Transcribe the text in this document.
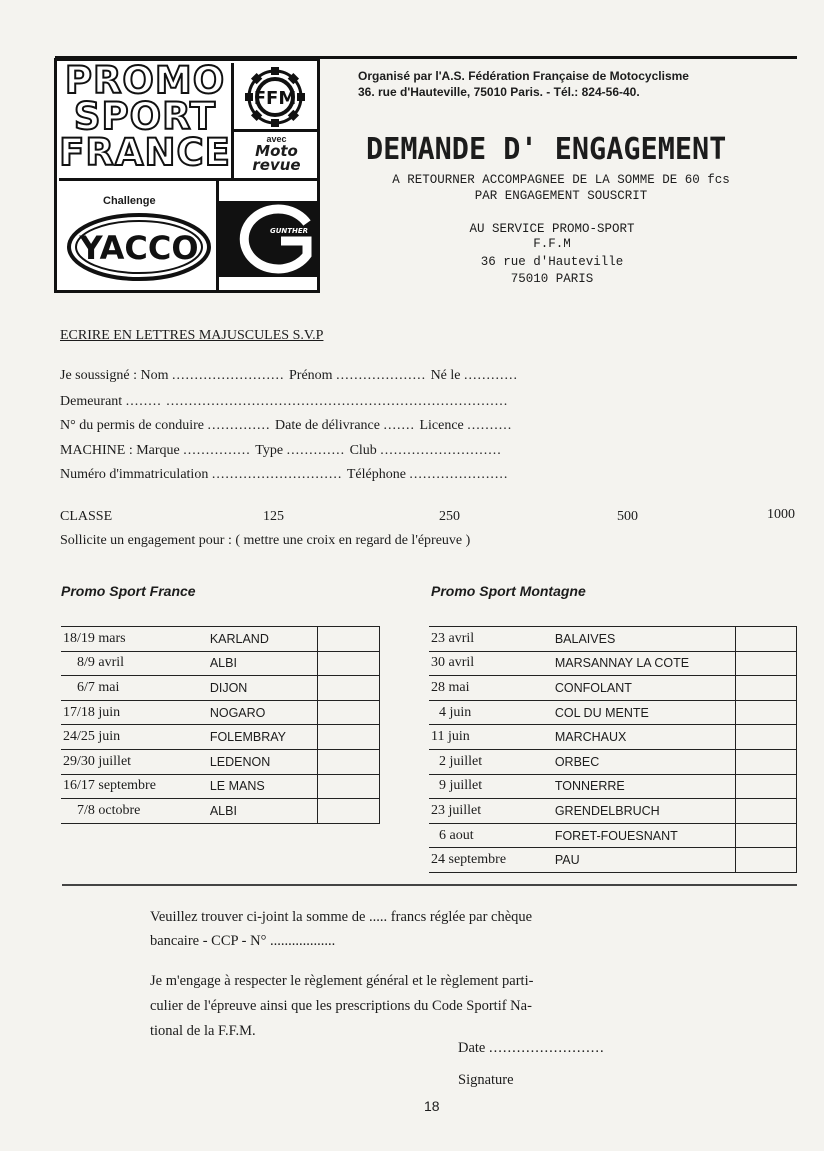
PROMO
SPORT
FRANCE
FFM
avec
Moto revue
Challenge
YACCO	GUNTHER
Organisé par l'A.S. Fédération Française de Motocyclisme
36. rue d'Hauteville, 75010 Paris. - Tél.: 824-56-40.
DEMANDE D' ENGAGEMENT
A RETOURNER ACCOMPAGNEE DE LA SOMME DE 60 fcs
PAR ENGAGEMENT SOUSCRIT
AU SERVICE PROMO-SPORT
F.F.M
36 rue d'Hauteville
75010 PARIS
ECRIRE EN LETTRES MAJUSCULES S.V.P
Je soussigné : Nom ......................... Prénom .................... Né le ............
Demeurant ........ ............................................................................
N° du permis de conduire .............. Date de délivrance ....... Licence ..........
MACHINE : Marque ............... Type ............. Club ...........................
Numéro d'immatriculation ............................. Téléphone ......................
CLASSE	125	250	500	1000
Sollicite un engagement pour : ( mettre une croix en regard de l'épreuve )
Promo Sport France
18/19 mars	KARLAND	
8/9 avril	ALBI	
6/7 mai	DIJON	
17/18 juin	NOGARO	
24/25 juin	FOLEMBRAY	
29/30 juillet	LEDENON	
16/17 septembre	LE MANS	
7/8 octobre	ALBI	
Promo Sport Montagne
23 avril	BALAIVES	
30 avril	MARSANNAY LA COTE	
28 mai	CONFOLANT	
4 juin	COL DU MENTE	
11 juin	MARCHAUX	
2 juillet	ORBEC	
9 juillet	TONNERRE	
23 juillet	GRENDELBRUCH	
6 aout	FORET-FOUESNANT	
24 septembre	PAU	
Veuillez trouver ci-joint la somme de ..... francs réglée par chèque
bancaire - CCP - N° ..................
Je m'engage à respecter le règlement général et le règlement parti-
culier de l'épreuve ainsi que les prescriptions du Code Sportif Na-
tional de la F.F.M.
Date .........................
Signature
18
